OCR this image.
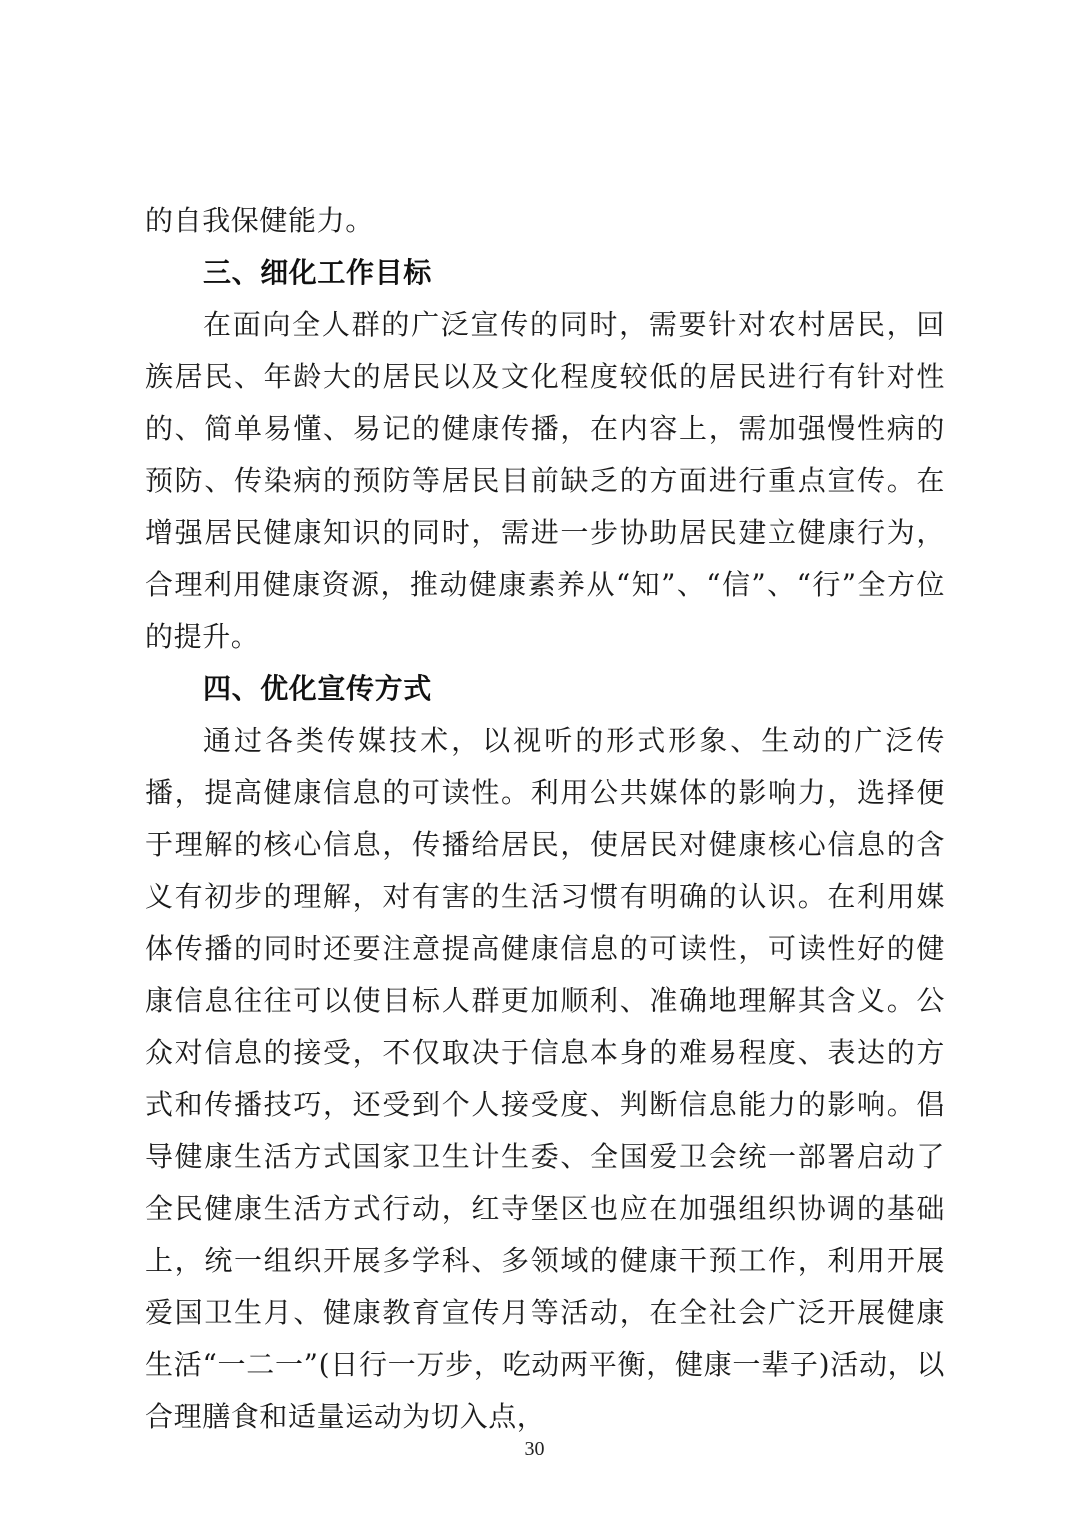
的自我保健能力。

三、细化工作目标

在面向全人群的广泛宣传的同时，需要针对农村居民，回族居民、年龄大的居民以及文化程度较低的居民进行有针对性的、简单易懂、易记的健康传播，在内容上，需加强慢性病的预防、传染病的预防等居民目前缺乏的方面进行重点宣传。在增强居民健康知识的同时，需进一步协助居民建立健康行为，合理利用健康资源，推动健康素养从“知”、“信”、“行”全方位的提升。

四、优化宣传方式

通过各类传媒技术，以视听的形式形象、生动的广泛传播，提高健康信息的可读性。利用公共媒体的影响力，选择便于理解的核心信息，传播给居民，使居民对健康核心信息的含义有初步的理解，对有害的生活习惯有明确的认识。在利用媒体传播的同时还要注意提高健康信息的可读性，可读性好的健康信息往往可以使目标人群更加顺利、准确地理解其含义。公众对信息的接受，不仅取决于信息本身的难易程度、表达的方式和传播技巧，还受到个人接受度、判断信息能力的影响。倡导健康生活方式国家卫生计生委、全国爱卫会统一部署启动了全民健康生活方式行动，红寺堡区也应在加强组织协调的基础上，统一组织开展多学科、多领域的健康干预工作，利用开展爱国卫生月、健康教育宣传月等活动，在全社会广泛开展健康生活“一二一”(日行一万步，吃动两平衡，健康一辈子)活动，以合理膳食和适量运动为切入点，

30
